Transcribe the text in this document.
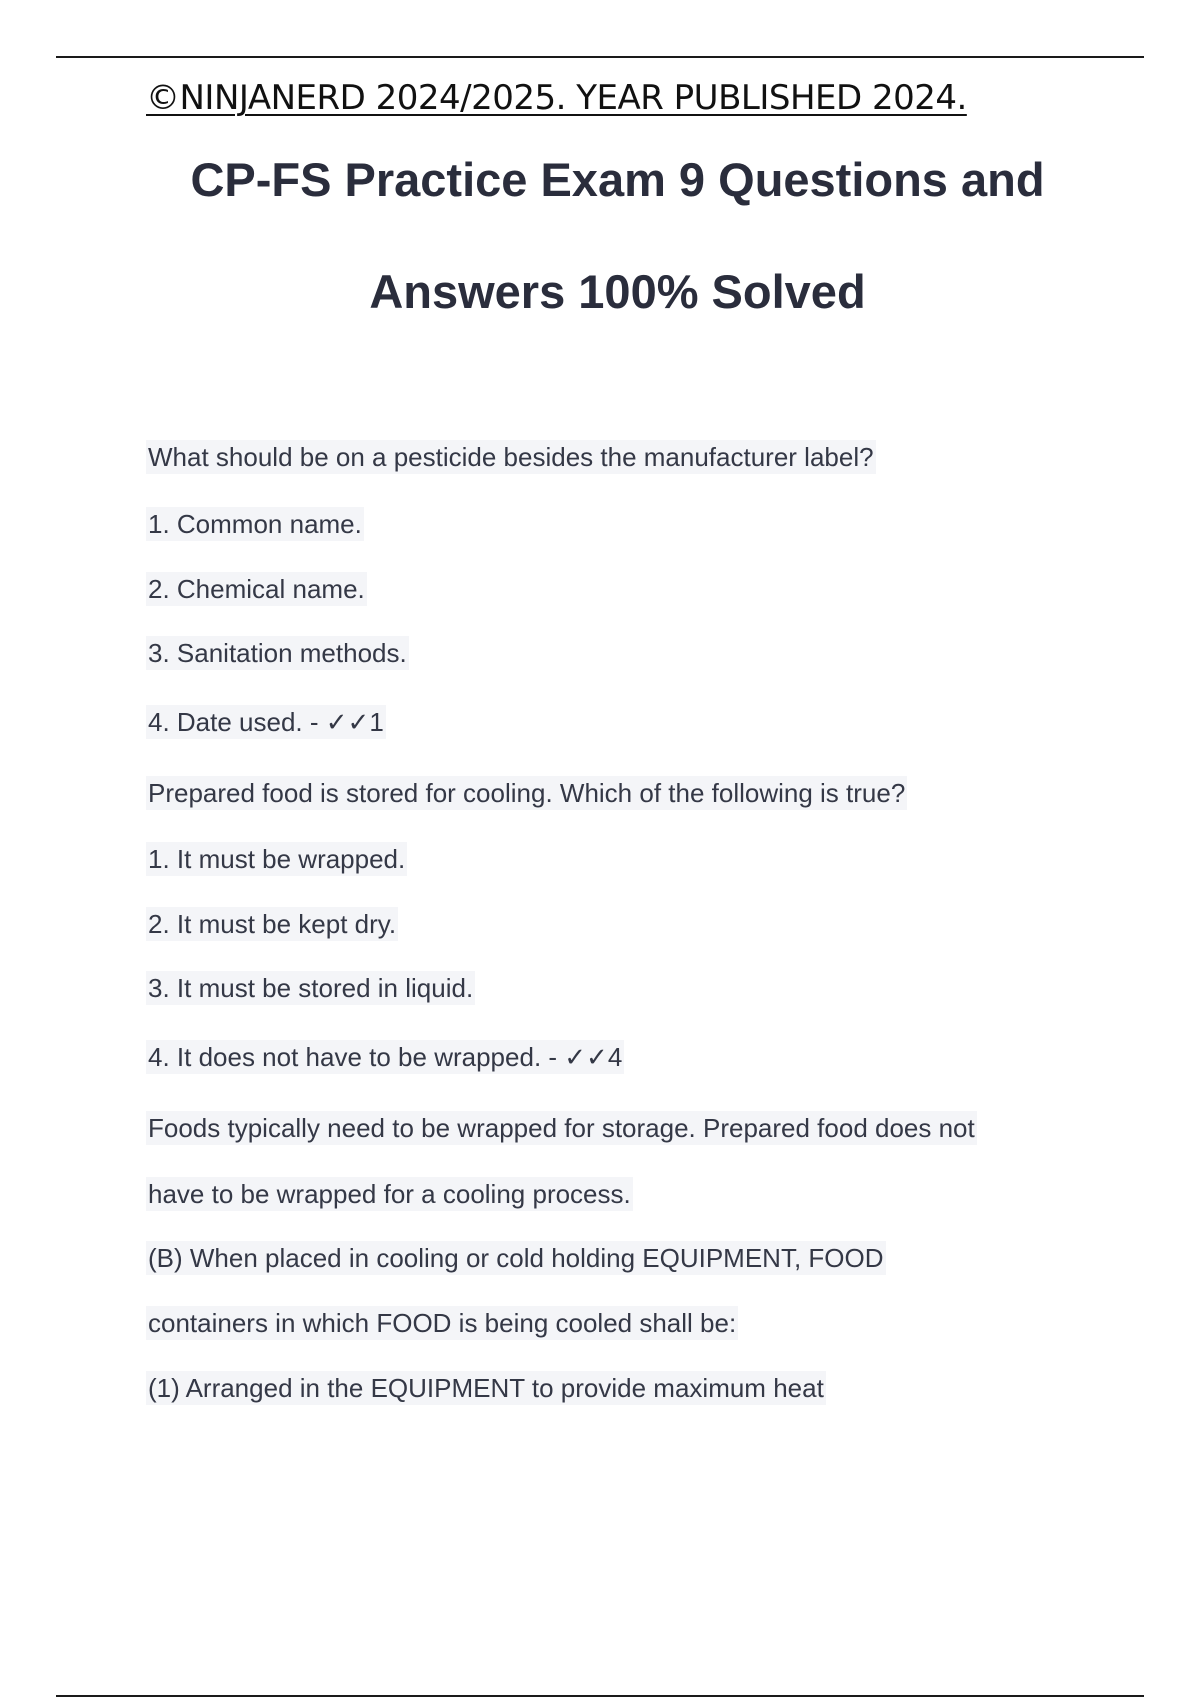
©NINJANERD 2024/2025. YEAR PUBLISHED 2024.
CP-FS Practice Exam 9 Questions and
Answers 100% Solved
What should be on a pesticide besides the manufacturer label?
1. Common name.
2. Chemical name.
3. Sanitation methods.
4. Date used. - ✓✓1
Prepared food is stored for cooling. Which of the following is true?
1. It must be wrapped.
2. It must be kept dry.
3. It must be stored in liquid.
4. It does not have to be wrapped. - ✓✓4
Foods typically need to be wrapped for storage. Prepared food does not
have to be wrapped for a cooling process.
(B) When placed in cooling or cold holding EQUIPMENT, FOOD
containers in which FOOD is being cooled shall be:
(1) Arranged in the EQUIPMENT to provide maximum heat
